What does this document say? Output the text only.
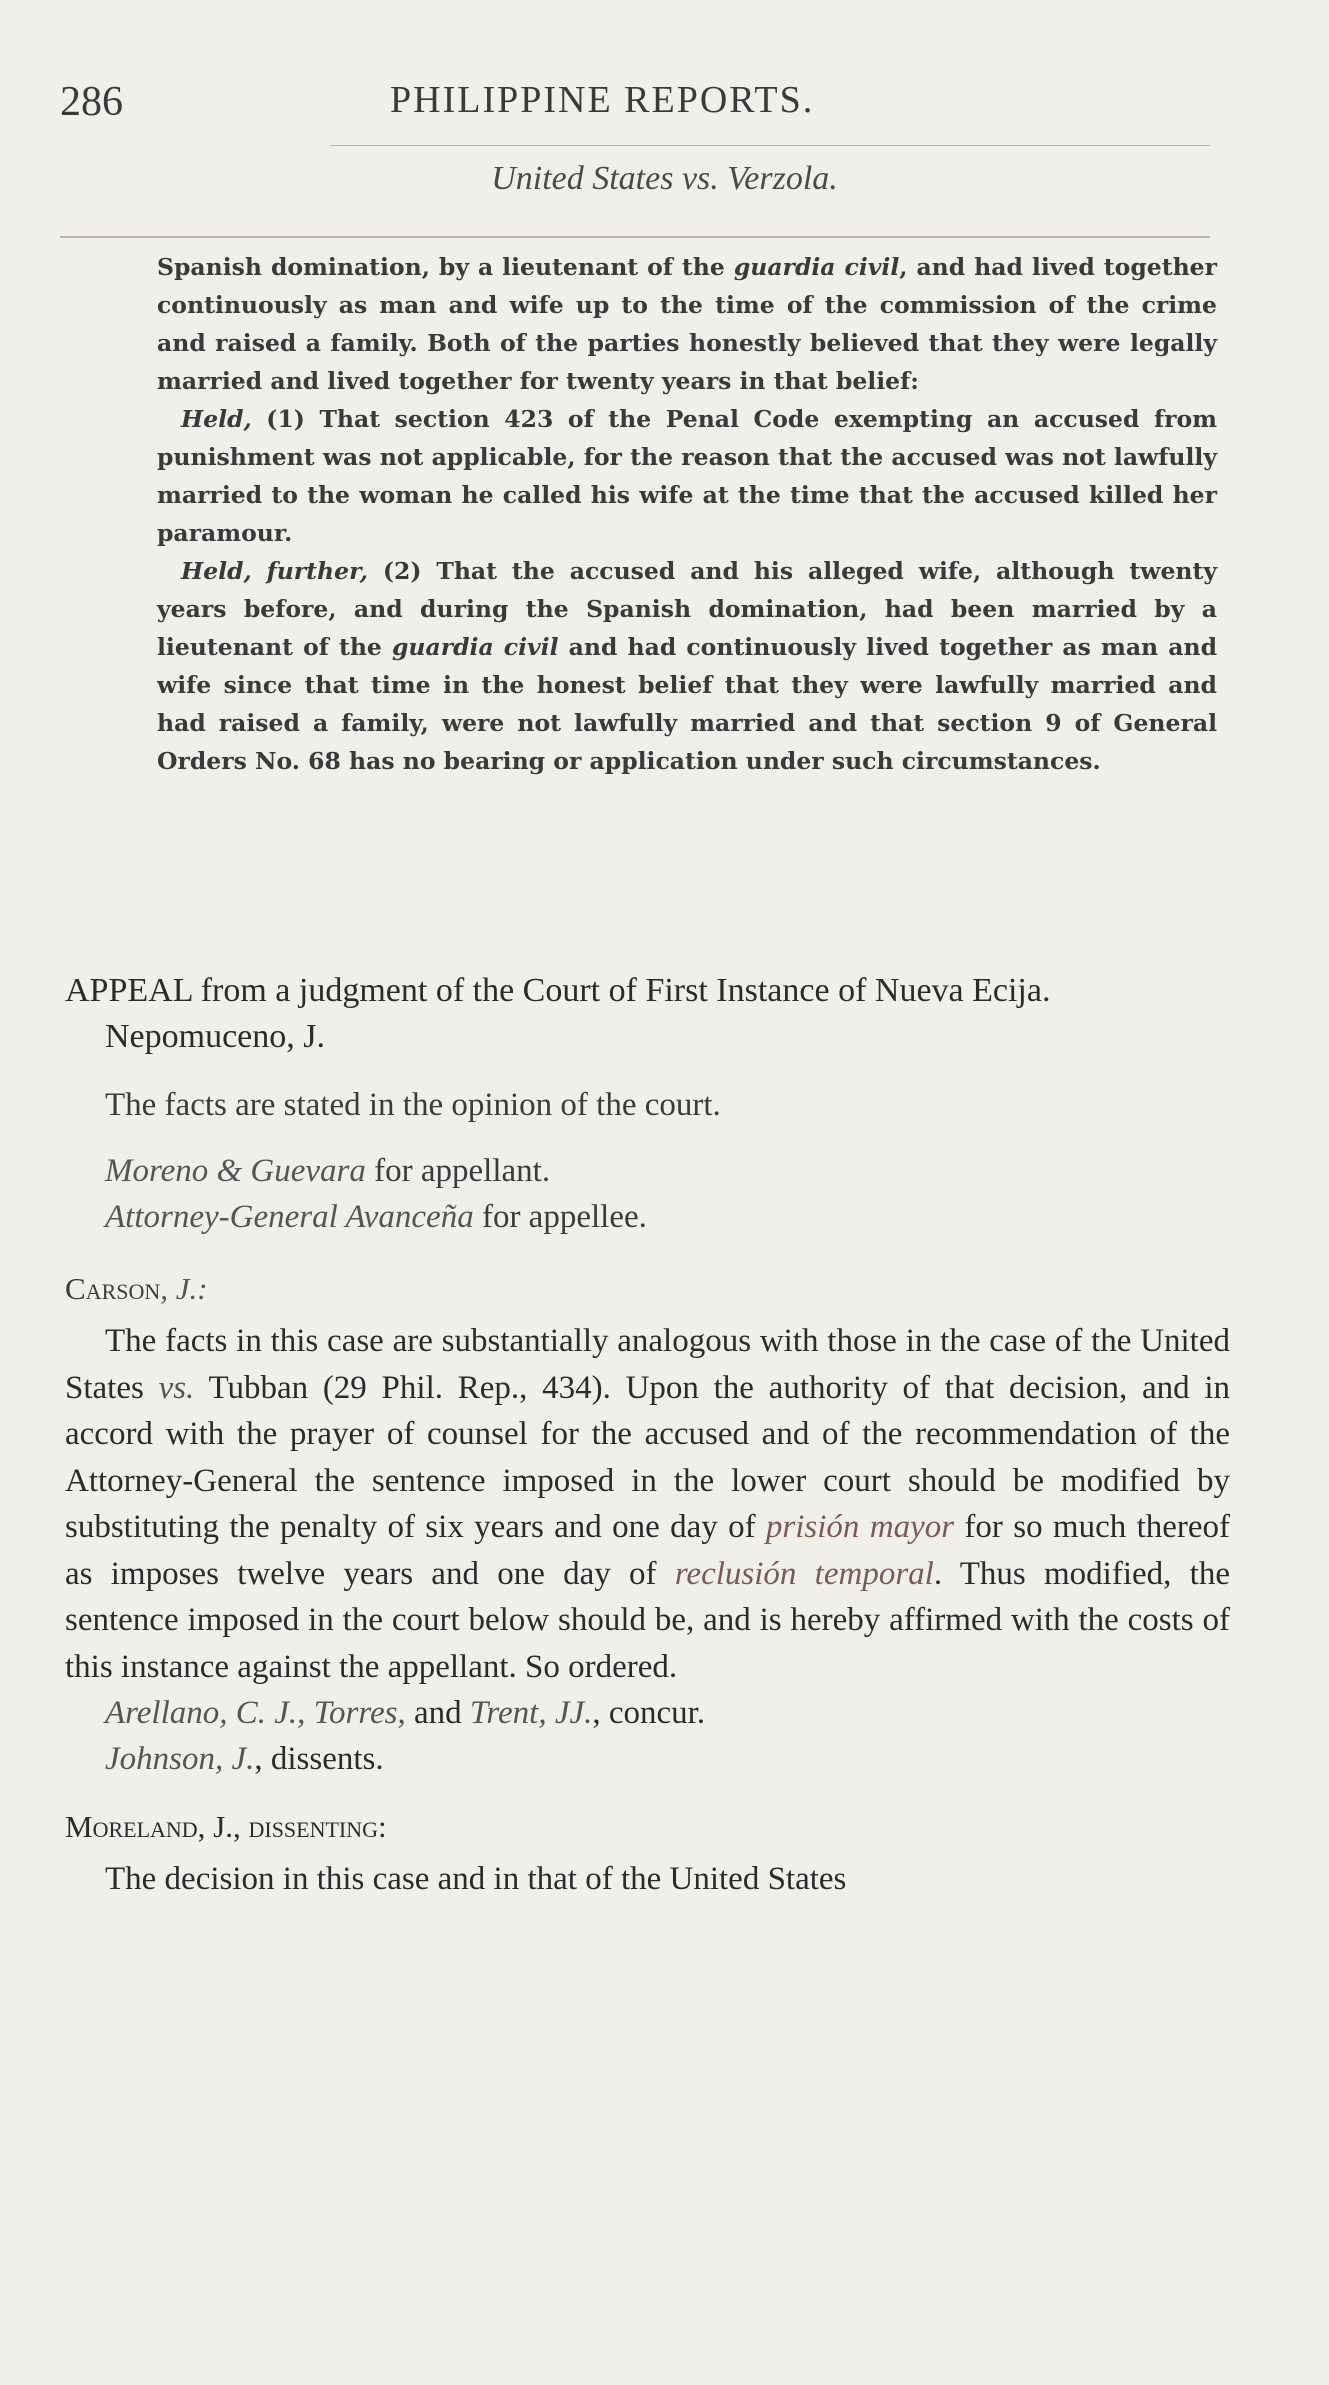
286	PHILIPPINE REPORTS.
United States vs. Verzola.

Spanish domination, by a lieutenant of the guardia civil, and had lived together continuously as man and wife up to the time of the commission of the crime and raised a family. Both of the parties honestly believed that they were legally married and lived together for twenty years in that belief:

Held, (1) That section 423 of the Penal Code exempting an accused from punishment was not applicable, for the reason that the accused was not lawfully married to the woman he called his wife at the time that the accused killed her paramour.

Held, further, (2) That the accused and his alleged wife, although twenty years before, and during the Spanish domination, had been married by a lieutenant of the guardia civil and had continuously lived together as man and wife since that time in the honest belief that they were lawfully married and had raised a family, were not lawfully married and that section 9 of General Orders No. 68 has no bearing or application under such circumstances.

APPEAL from a judgment of the Court of First Instance of Nueva Ecija. Nepomuceno, J.

The facts are stated in the opinion of the court.

Moreno & Guevara for appellant.
Attorney-General Avanceña for appellee.

Carson, J.:

The facts in this case are substantially analogous with those in the case of the United States vs. Tubban (29 Phil. Rep., 434). Upon the authority of that decision, and in accord with the prayer of counsel for the accused and of the recommendation of the Attorney-General the sentence imposed in the lower court should be modified by substituting the penalty of six years and one day of prisión mayor for so much thereof as imposes twelve years and one day of reclusión temporal. Thus modified, the sentence imposed in the court below should be, and is hereby affirmed with the costs of this instance against the appellant. So ordered.

Arellano, C. J., Torres, and Trent, JJ., concur.

Johnson, J., dissents.

Moreland, J., dissenting:

The decision in this case and in that of the United States
